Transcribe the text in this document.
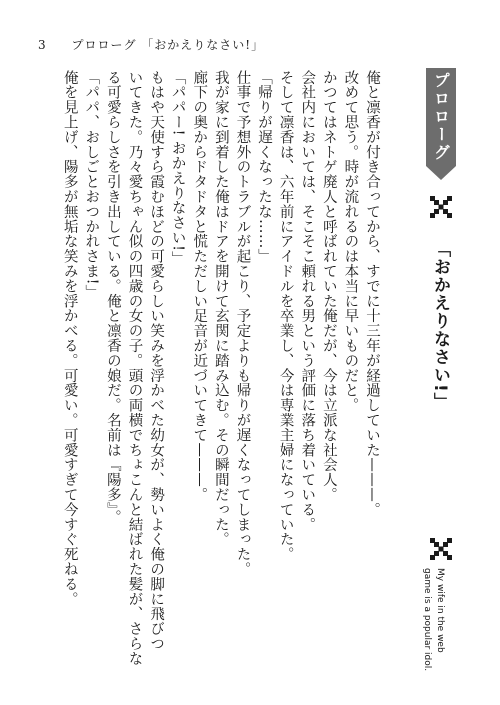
3 プロローグ 「おかえりなさい!」
俺と凛香が付き合ってから、すでに十三年が経過していた———。
改めて思う。時が流れるのは本当に早いものだと。
かつてはネトゲ廃人と呼ばれていた俺だが、今は立派な社会人。
会社内においては、そこそこ頼れる男という評価に落ち着いている。
そして凛香は、六年前にアイドルを卒業し、今は専業主婦になっていた。
「帰りが遅くなったな……」
仕事で予想外のトラブルが起こり、予定よりも帰りが遅くなってしまった。
我が家に到着した俺はドアを開けて玄関に踏み込む。その瞬間だった。
廊下の奥からドタドタと慌ただしい足音が近づいてきて———。
「パパー! おかえりなさい!」
もはや天使すら霞むほどの可愛らしい笑みを浮かべた幼女が、勢いよく俺の脚に飛びつ
いてきた。乃々愛ちゃん似の四歳の女の子。頭の両横でちょこんと結ばれた髪が、さらな
る可愛らしさを引き出している。俺と凛香の娘だ。名前は『陽多』。
「パパ、おしごとおつかれさま!」
俺を見上げ、陽多が無垢な笑みを浮かべる。可愛い。可愛すぎて今すぐ死ねる。	プロローグ
「おかえりなさい!」
My wife in the web
game is a popular idol.
